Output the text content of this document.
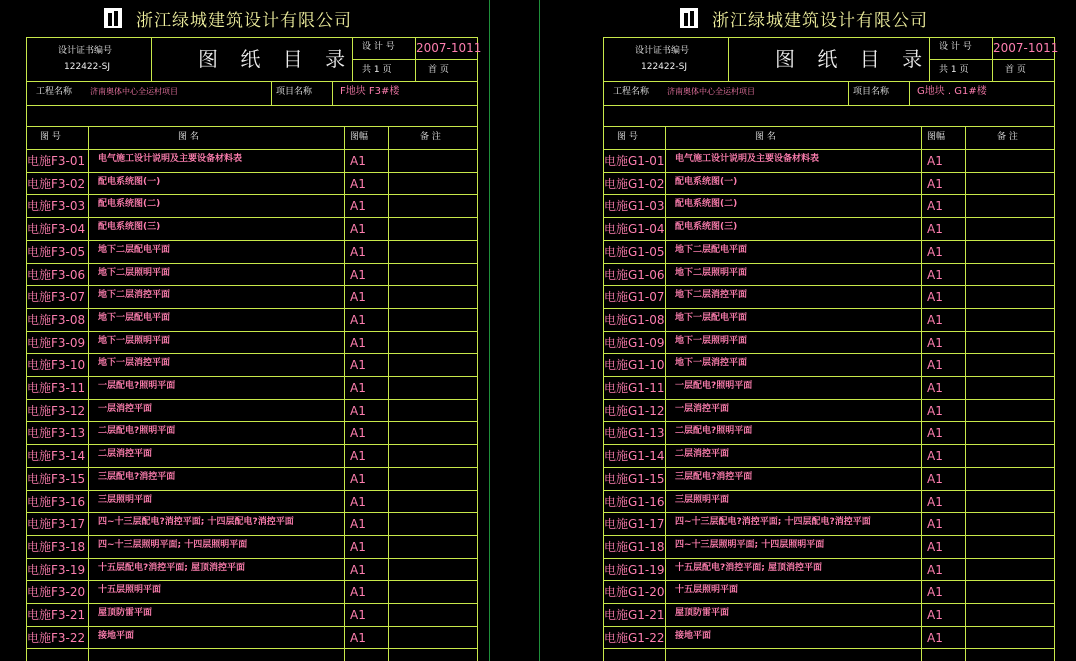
浙江绿城建筑设计有限公司
设计证书编号
122422-SJ	图 纸 目 录 设 计 号 2007-1011
共 1 页	首 页
工程名称 济南奥体中心全运村项目	项目名称	F地块 F3#楼
图 号	图 名	图幅	备 注
电施F3-01 电气施工设计说明及主要设备材料表	A1
电施F3-02 配电系统图(一)	A1
电施F3-03 配电系统图(二)	A1
电施F3-04 配电系统图(三)	A1
电施F3-05 地下二层配电平面	A1
电施F3-06 地下二层照明平面	A1
电施F3-07 地下二层消控平面	A1
电施F3-08 地下一层配电平面	A1
电施F3-09 地下一层照明平面	A1
电施F3-10 地下一层消控平面	A1
电施F3-11 一层配电?照明平面	A1
电施F3-12 一层消控平面	A1
电施F3-13 二层配电?照明平面	A1
电施F3-14 二层消控平面	A1
电施F3-15 三层配电?消控平面	A1
电施F3-16 三层照明平面	A1
电施F3-17 四~十三层配电?消控平面; 十四层配电?消控平面	A1
电施F3-18 四~十三层照明平面; 十四层照明平面	A1
电施F3-19 十五层配电?消控平面; 屋顶消控平面	A1
电施F3-20 十五层照明平面	A1
电施F3-21 屋顶防雷平面	A1
电施F3-22 接地平面	A1
浙江绿城建筑设计有限公司
设计证书编号
122422-SJ	图 纸 目 录 设 计 号 2007-1011
共 1 页	首 页
工程名称 济南奥体中心全运村项目	项目名称	G地块 . G1#楼
图 号	图 名	图幅	备 注
电施G1-01 电气施工设计说明及主要设备材料表	A1
电施G1-02 配电系统图(一)	A1
电施G1-03 配电系统图(二)	A1
电施G1-04 配电系统图(三)	A1
电施G1-05 地下二层配电平面	A1
电施G1-06 地下二层照明平面	A1
电施G1-07 地下二层消控平面	A1
电施G1-08 地下一层配电平面	A1
电施G1-09 地下一层照明平面	A1
电施G1-10 地下一层消控平面	A1
电施G1-11 一层配电?照明平面	A1
电施G1-12 一层消控平面	A1
电施G1-13 二层配电?照明平面	A1
电施G1-14 二层消控平面	A1
电施G1-15 三层配电?消控平面	A1
电施G1-16 三层照明平面	A1
电施G1-17 四~十三层配电?消控平面; 十四层配电?消控平面	A1
电施G1-18 四~十三层照明平面; 十四层照明平面	A1
电施G1-19 十五层配电?消控平面; 屋顶消控平面	A1
电施G1-20 十五层照明平面	A1
电施G1-21 屋顶防雷平面	A1
电施G1-22 接地平面	A1
